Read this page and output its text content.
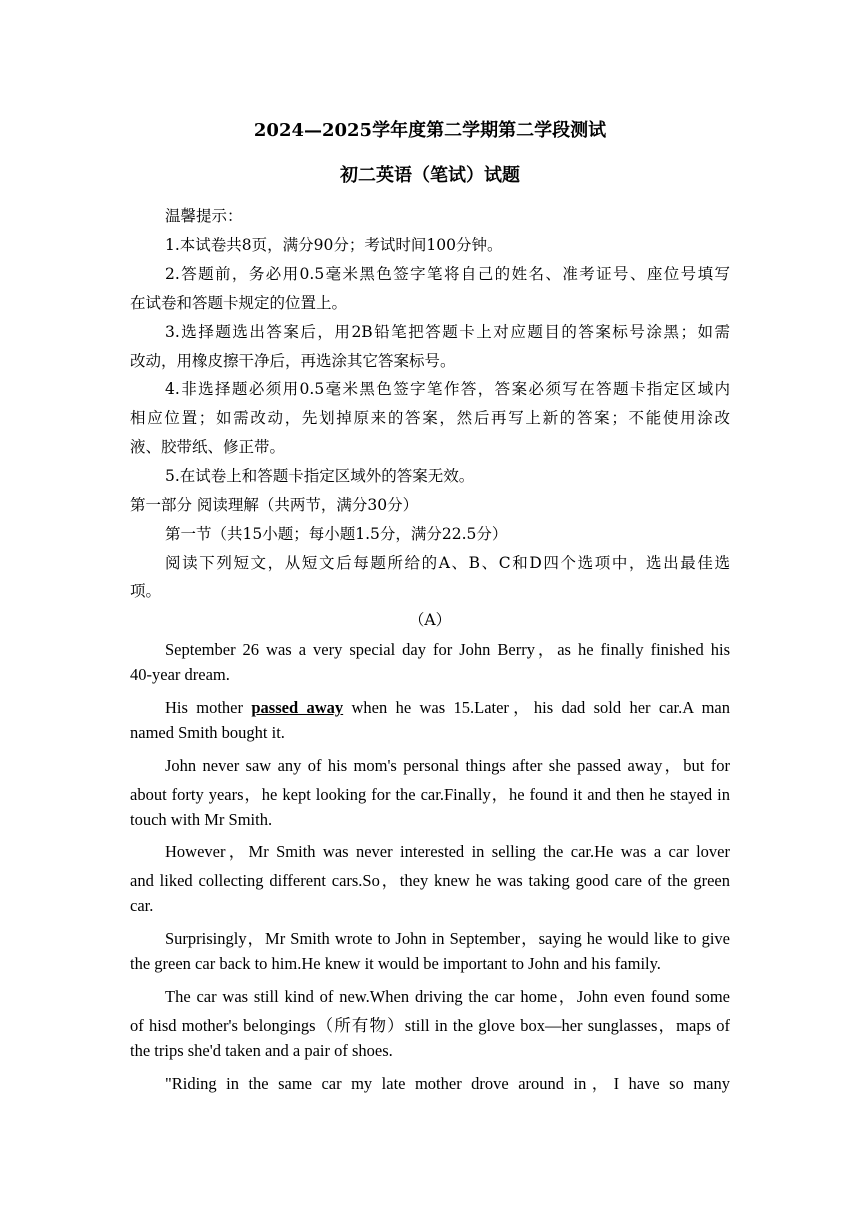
2024—2025学年度第二学期第二学段测试
初二英语（笔试）试题
温馨提示：
1.本试卷共8页，满分90分；考试时间100分钟。
2.答题前，务必用0.5毫米黑色签字笔将自己的姓名、准考证号、座位号填写
在试卷和答题卡规定的位置上。
3.选择题选出答案后，用2B铅笔把答题卡上对应题目的答案标号涂黑；如需
改动，用橡皮擦干净后，再选涂其它答案标号。
4.非选择题必须用0.5毫米黑色签字笔作答，答案必须写在答题卡指定区域内
相应位置；如需改动，先划掉原来的答案，然后再写上新的答案；不能使用涂改
液、胶带纸、修正带。
5.在试卷上和答题卡指定区域外的答案无效。
第一部分 阅读理解（共两节，满分30分）
第一节（共15小题；每小题1.5分，满分22.5分）
阅读下列短文，从短文后每题所给的A、B、C和D四个选项中，选出最佳选
项。
（A）
September 26 was a very special day for John Berry，as he finally finished his
40-year dream.
His mother passed away when he was 15.Later，his dad sold her car.A man
named Smith bought it.
John never saw any of his mom's personal things after she passed away，but for
about forty years，he kept looking for the car.Finally，he found it and then he stayed in
touch with Mr Smith.
However，Mr Smith was never interested in selling the car.He was a car lover
and liked collecting different cars.So，they knew he was taking good care of the green
car.
Surprisingly，Mr Smith wrote to John in September，saying he would like to give
the green car back to him.He knew it would be important to John and his family.
The car was still kind of new.When driving the car home，John even found some
of hisd mother's belongings（所有物）still in the glove box—her sunglasses，maps of
the trips she'd taken and a pair of shoes.
"Riding in the same car my late mother drove around in，I have so many
